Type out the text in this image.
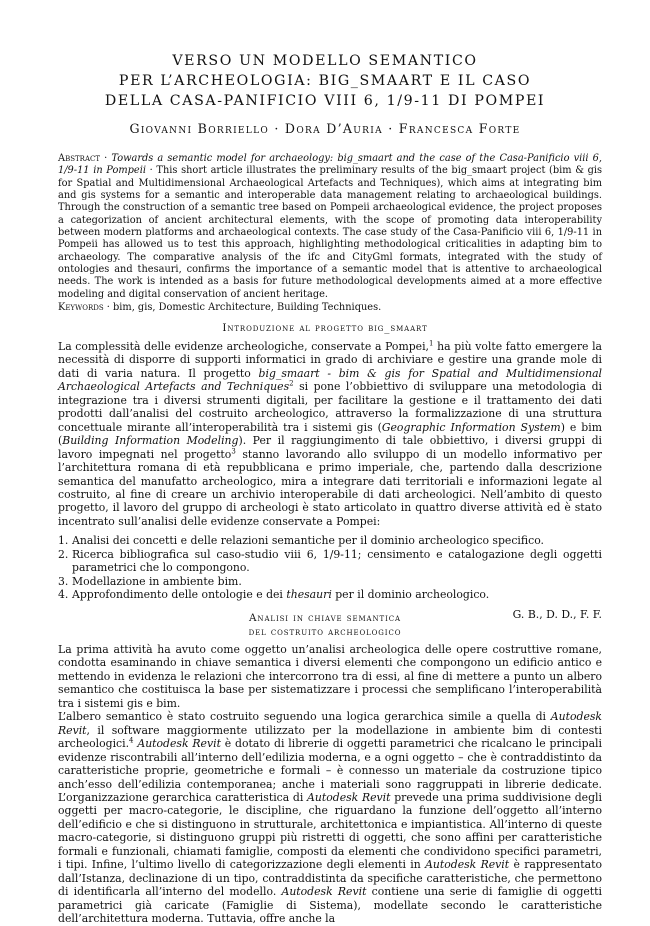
VERSO UN MODELLO SEMANTICO
PER L’ARCHEOLOGIA: BIG_SMAART E IL CASO
DELLA CASA-PANIFICIO VIII 6, 1/9-11 DI POMPEI
Giovanni Borriello · Dora D’Auria · Francesca Forte

Abstract · Towards a semantic model for archaeology: big_smaart and the case of the Casa-Panificio viii 6, 1/9-11 in Pompeii · This short article illustrates the preliminary results of the big_smaart project (bim & gis for Spatial and Multidimensional Archaeological Artefacts and Techniques), which aims at integrating bim and gis systems for a semantic and interoperable data management relating to archaeological buildings. Through the construction of a semantic tree based on Pompeii archaeological evidence, the project proposes a categorization of ancient architectural elements, with the scope of promoting data interoperability between modern platforms and archaeological contexts. The case study of the Casa-Panificio viii 6, 1/9-11 in Pompeii has allowed us to test this approach, highlighting methodological criticalities in adapting bim to archaeology. The comparative analysis of the ifc and CityGml formats, integrated with the study of ontologies and thesauri, confirms the importance of a semantic model that is attentive to archaeological needs. The work is intended as a basis for future methodological developments aimed at a more effective modeling and digital conservation of ancient heritage.

Keywords · bim, gis, Domestic Architecture, Building Techniques.

Introduzione al progetto big_smaart

La complessità delle evidenze archeologiche, conservate a Pompei,$^1$ ha più volte fatto emergere la necessità di disporre di supporti informatici in grado di archiviare e gestire una grande mole di dati di varia natura. Il progetto big_smaart - bim & gis for Spatial and Multidimensional Archaeological Artefacts and Techniques$^2$ si pone l’obbiettivo di sviluppare una metodologia di integrazione tra i diversi strumenti digitali, per facilitare la gestione e il trattamento dei dati prodotti dall’analisi del costruito archeologico, attraverso la formalizzazione di una struttura concettuale mirante all’interoperabilità tra i sistemi gis (Geographic Information System) e bim (Building Information Modeling). Per il raggiungimento di tale obbiettivo, i diversi gruppi di lavoro impegnati nel progetto$^3$ stanno lavorando allo sviluppo di un modello informativo per l’architettura romana di età repubblicana e primo imperiale, che, partendo dalla descrizione semantica del manufatto archeologico, mira a integrare dati territoriali e informazioni legate al costruito, al fine di creare un archivio interoperabile di dati archeologici. Nell’ambito di questo progetto, il lavoro del gruppo di archeologi è stato articolato in quattro diverse attività ed è stato incentrato sull’analisi delle evidenze conservate a Pompei:

1. Analisi dei concetti e delle relazioni semantiche per il dominio archeologico specifico.
2. Ricerca bibliografica sul caso-studio viii 6, 1/9-11; censimento e catalogazione degli oggetti parametrici che lo compongono.
3. Modellazione in ambiente bim.
4. Approfondimento delle ontologie e dei thesauri per il dominio archeologico.

G. B., D. D., F. F.

Analisi in chiave semantica
del costruito archeologico

La prima attività ha avuto come oggetto un’analisi archeologica delle opere costruttive romane, condotta esaminando in chiave semantica i diversi elementi che compongono un edificio antico e mettendo in evidenza le relazioni che intercorrono tra di essi, al fine di mettere a punto un albero semantico che costituisca la base per sistematizzare i processi che semplificano l’interoperabilità tra i sistemi gis e bim.

L’albero semantico è stato costruito seguendo una logica gerarchica simile a quella di Autodesk Revit, il software maggiormente utilizzato per la modellazione in ambiente bim di contesti archeologici.$^4$ Autodesk Revit è dotato di librerie di oggetti parametrici che ricalcano le principali evidenze riscontrabili all’interno dell’edilizia moderna, e a ogni oggetto – che è contraddistinto da caratteristiche proprie, geometriche e formali – è connesso un materiale da costruzione tipico anch’esso dell’edilizia contemporanea; anche i materiali sono raggruppati in librerie dedicate. L’organizzazione gerarchica caratteristica di Autodesk Revit prevede una prima suddivisione degli oggetti per macro-categorie, le discipline, che riguardano la funzione dell’oggetto all’interno dell’edificio e che si distinguono in strutturale, architettonica e impiantistica. All’interno di queste macro-categorie, si distinguono gruppi più ristretti di oggetti, che sono affini per caratteristiche formali e funzionali, chiamati famiglie, composti da elementi che condividono specifici parametri, i tipi. Infine, l’ultimo livello di categorizzazione degli elementi in Autodesk Revit è rappresentato dall’Istanza, declinazione di un tipo, contraddistinta da specifiche caratteristiche, che permettono di identificarla all’interno del modello. Autodesk Revit contiene una serie di famiglie di oggetti parametrici già caricate (Famiglie di Sistema), modellate secondo le caratteristiche dell’architettura moderna. Tuttavia, offre anche la
